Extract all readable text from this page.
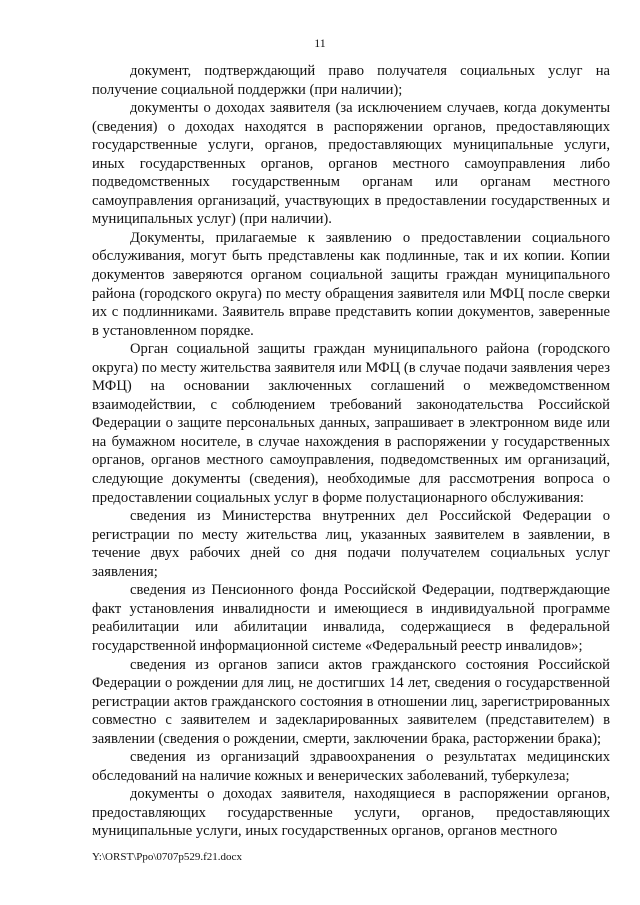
11

документ, подтверждающий право получателя социальных услуг на получение социальной поддержки (при наличии);

документы о доходах заявителя (за исключением случаев, когда документы (сведения) о доходах находятся в распоряжении органов, предоставляющих государственные услуги, органов, предоставляющих муниципальные услуги, иных государственных органов, органов местного самоуправления либо подведомственных государственным органам или органам местного самоуправления организаций, участвующих в предоставлении государственных и муниципальных услуг) (при наличии).

Документы, прилагаемые к заявлению о предоставлении социального обслуживания, могут быть представлены как подлинные, так и их копии. Копии документов заверяются органом социальной защиты граждан муниципального района (городского округа) по месту обращения заявителя или МФЦ после сверки их с подлинниками. Заявитель вправе представить копии документов, заверенные в установленном порядке.

Орган социальной защиты граждан муниципального района (городского округа) по месту жительства заявителя или МФЦ (в случае подачи заявления через МФЦ) на основании заключенных соглашений о межведомственном взаимодействии, с соблюдением требований законодательства Российской Федерации о защите персональных данных, запрашивает в электронном виде или на бумажном носителе, в случае нахождения в распоряжении у государственных органов, органов местного самоуправления, подведомственных им организаций, следующие документы (сведения), необходимые для рассмотрения вопроса о предоставлении социальных услуг в форме полустационарного обслуживания:

сведения из Министерства внутренних дел Российской Федерации о регистрации по месту жительства лиц, указанных заявителем в заявлении, в течение двух рабочих дней со дня подачи получателем социальных услуг заявления;

сведения из Пенсионного фонда Российской Федерации, подтверждающие факт установления инвалидности и имеющиеся в индивидуальной программе реабилитации или абилитации инвалида, содержащиеся в федеральной государственной информационной системе «Федеральный реестр инвалидов»;

сведения из органов записи актов гражданского состояния Российской Федерации о рождении для лиц, не достигших 14 лет, сведения о государственной регистрации актов гражданского состояния в отношении лиц, зарегистрированных совместно с заявителем и задекларированных заявителем (представителем) в заявлении (сведения о рождении, смерти, заключении брака, расторжении брака);

сведения из организаций здравоохранения о результатах медицинских обследований на наличие кожных и венерических заболеваний, туберкулеза;

документы о доходах заявителя, находящиеся в распоряжении органов, предоставляющих государственные услуги, органов, предоставляющих муниципальные услуги, иных государственных органов, органов местного

Y:\ORST\Ppo\0707p529.f21.docx
